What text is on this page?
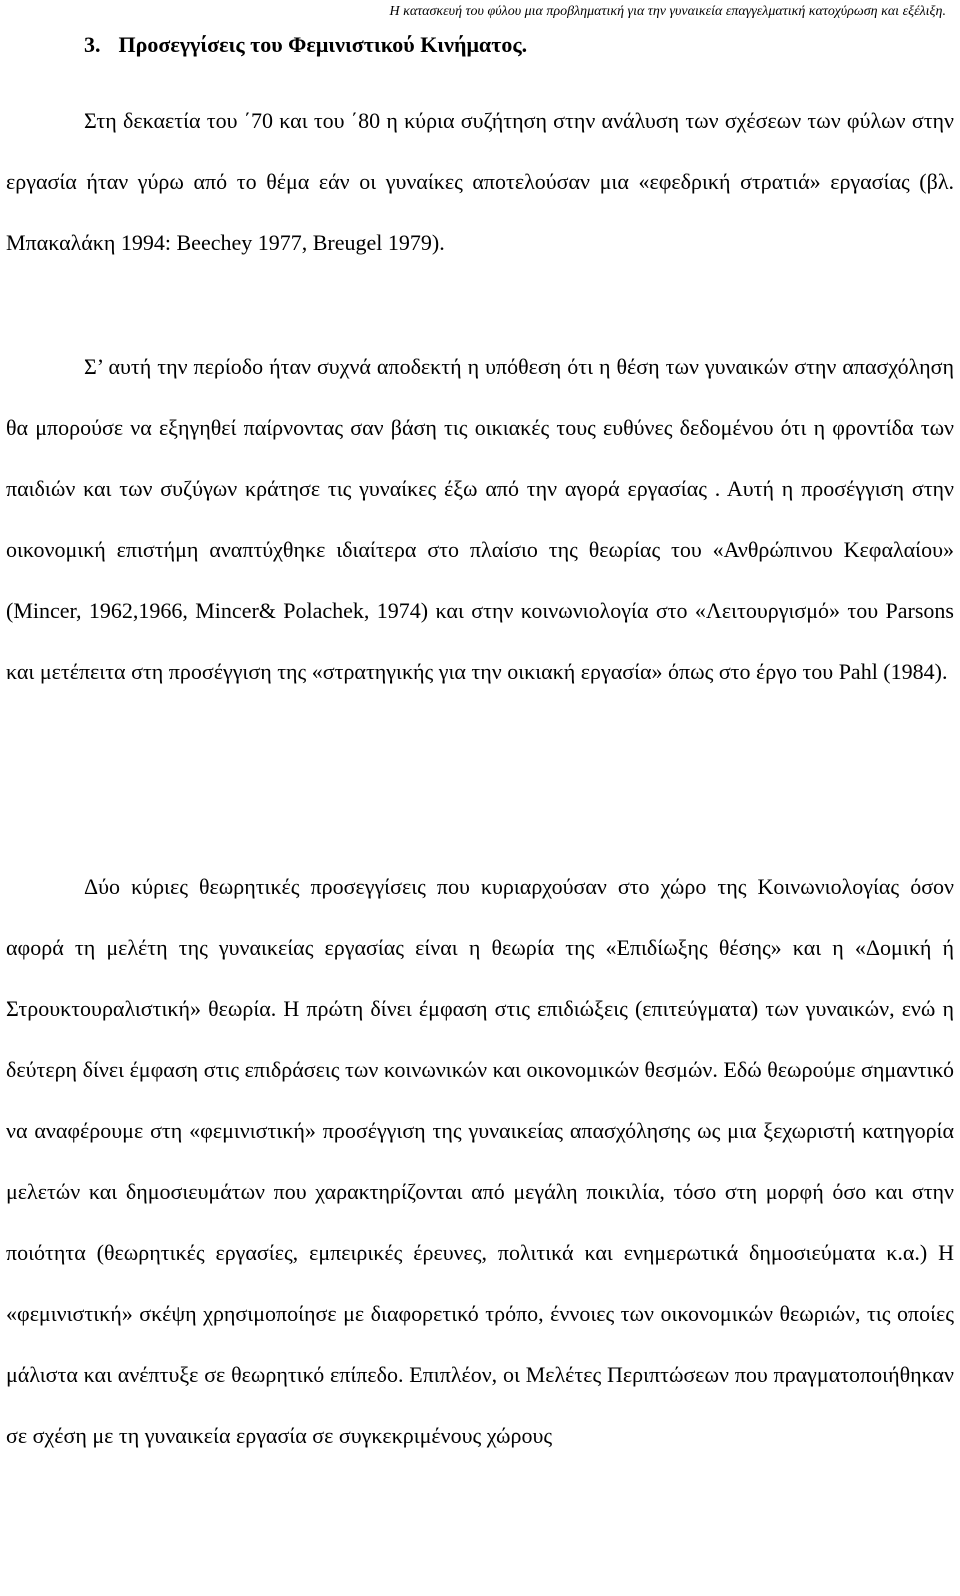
Η κατασκευή του φύλου μια προβληματική για την γυναικεία επαγγελματική κατοχύρωση και εξέλιξη.
3. Προσεγγίσεις του Φεμινιστικού Κινήματος.

Στη δεκαετία του ΄70 και του ΄80 η κύρια συζήτηση στην ανάλυση των σχέσεων των φύλων στην εργασία ήταν γύρω από το θέμα εάν οι γυναίκες αποτελούσαν μια «εφεδρική στρατιά» εργασίας (βλ. Μπακαλάκη 1994: Beechey 1977, Breugel 1979).

Σ’ αυτή την περίοδο ήταν συχνά αποδεκτή η υπόθεση ότι η θέση των γυναικών στην απασχόληση θα μπορούσε να εξηγηθεί παίρνοντας σαν βάση τις οικιακές τους ευθύνες δεδομένου ότι η φροντίδα των παιδιών και των συζύγων κράτησε τις γυναίκες έξω από την αγορά εργασίας . Αυτή η προσέγγιση στην οικονομική επιστήμη αναπτύχθηκε ιδιαίτερα στο πλαίσιο της θεωρίας του «Ανθρώπινου Κεφαλαίου» (Mincer, 1962,1966, Mincer& Polachek, 1974) και στην κοινωνιολογία στο «Λειτουργισμό» του Parsons και μετέπειτα στη προσέγγιση της «στρατηγικής για την οικιακή εργασία» όπως στο έργο του Pahl (1984).

Δύο κύριες θεωρητικές προσεγγίσεις που κυριαρχούσαν στο χώρο της Κοινωνιολογίας όσον αφορά τη μελέτη της γυναικείας εργασίας είναι η θεωρία της «Επιδίωξης θέσης» και η «Δομική ή Στρουκτουραλιστική» θεωρία. Η πρώτη δίνει έμφαση στις επιδιώξεις (επιτεύγματα) των γυναικών, ενώ η δεύτερη δίνει έμφαση στις επιδράσεις των κοινωνικών και οικονομικών θεσμών. Εδώ θεωρούμε σημαντικό να αναφέρουμε στη «φεμινιστική» προσέγγιση της γυναικείας απασχόλησης ως μια ξεχωριστή κατηγορία μελετών και δημοσιευμάτων που χαρακτηρίζονται από μεγάλη ποικιλία, τόσο στη μορφή όσο και στην ποιότητα (θεωρητικές εργασίες, εμπειρικές έρευνες, πολιτικά και ενημερωτικά δημοσιεύματα κ.α.) Η «φεμινιστική» σκέψη χρησιμοποίησε με διαφορετικό τρόπο, έννοιες των οικονομικών θεωριών, τις οποίες μάλιστα και ανέπτυξε σε θεωρητικό επίπεδο. Επιπλέον, οι Μελέτες Περιπτώσεων που πραγματοποιήθηκαν σε σχέση με τη γυναικεία εργασία σε συγκεκριμένους χώρους
